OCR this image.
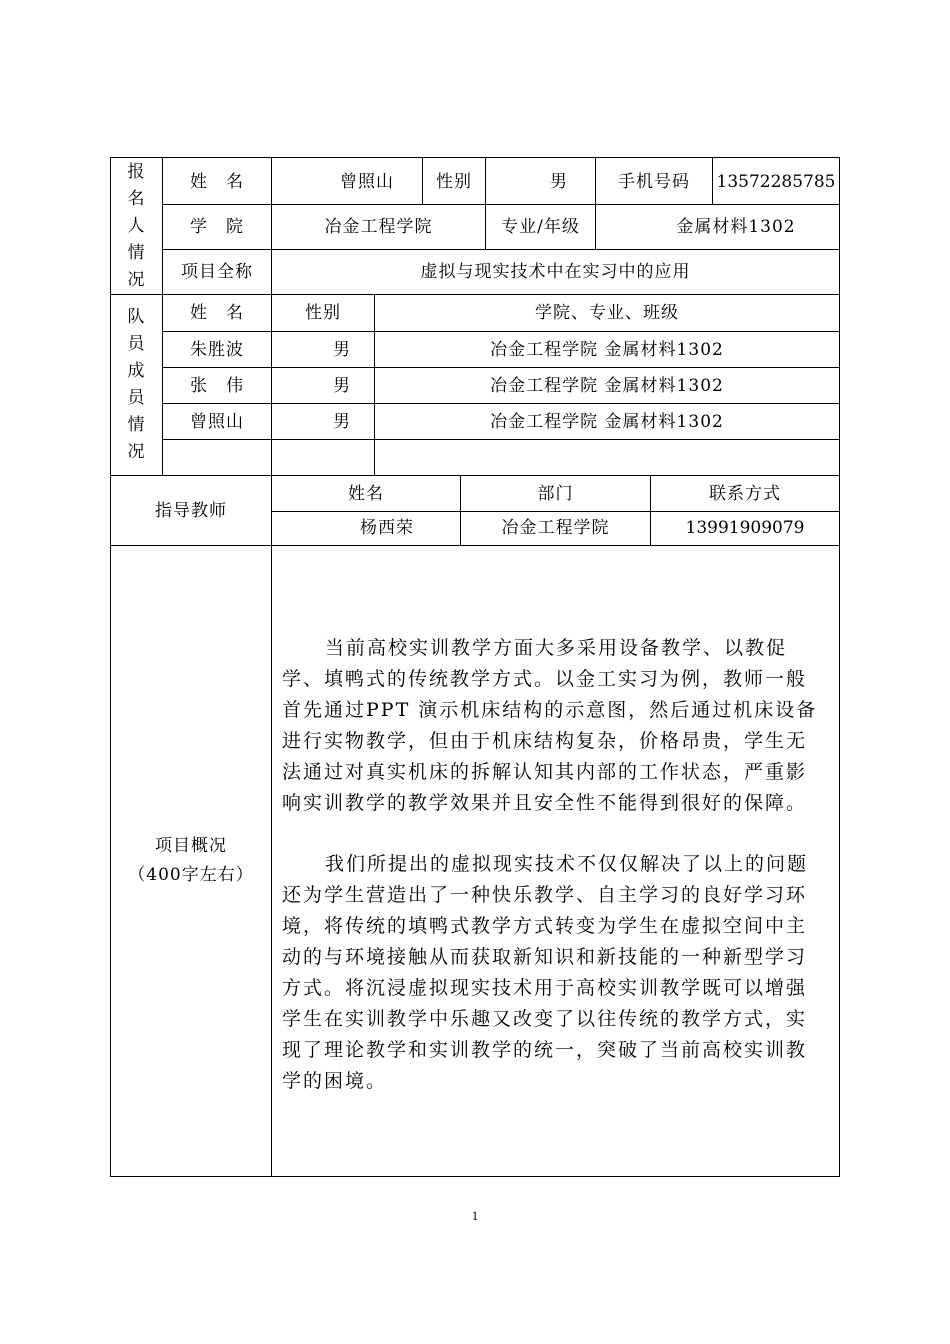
报
名
人
情
况
姓　名	曾照山	性别	男	手机号码	13572285785
学　院	冶金工程学院	专业/年级	金属材料1302
项目全称	虚拟与现实技术中在实习中的应用
队
员
成
员
情
况
姓　名	性别	学院、专业、班级
朱胜波	男	冶金工程学院 金属材料1302
张　伟	男	冶金工程学院 金属材料1302
曾照山	男	冶金工程学院 金属材料1302
指导教师
姓名	部门	联系方式
杨西荣	冶金工程学院	13991909079
项目概况
（400字左右）
当前高校实训教学方面大多采用设备教学、以教促学、填鸭式的传统教学方式。以金工实习为例，教师一般首先通过PPT 演示机床结构的示意图，然后通过机床设备进行实物教学，但由于机床结构复杂，价格昂贵，学生无法通过对真实机床的拆解认知其内部的工作状态，严重影响实训教学的教学效果并且安全性不能得到很好的保障。
我们所提出的虚拟现实技术不仅仅解决了以上的问题还为学生营造出了一种快乐教学、自主学习的良好学习环境，将传统的填鸭式教学方式转变为学生在虚拟空间中主动的与环境接触从而获取新知识和新技能的一种新型学习方式。将沉浸虚拟现实技术用于高校实训教学既可以增强学生在实训教学中乐趣又改变了以往传统的教学方式，实现了理论教学和实训教学的统一，突破了当前高校实训教学的困境。
1
